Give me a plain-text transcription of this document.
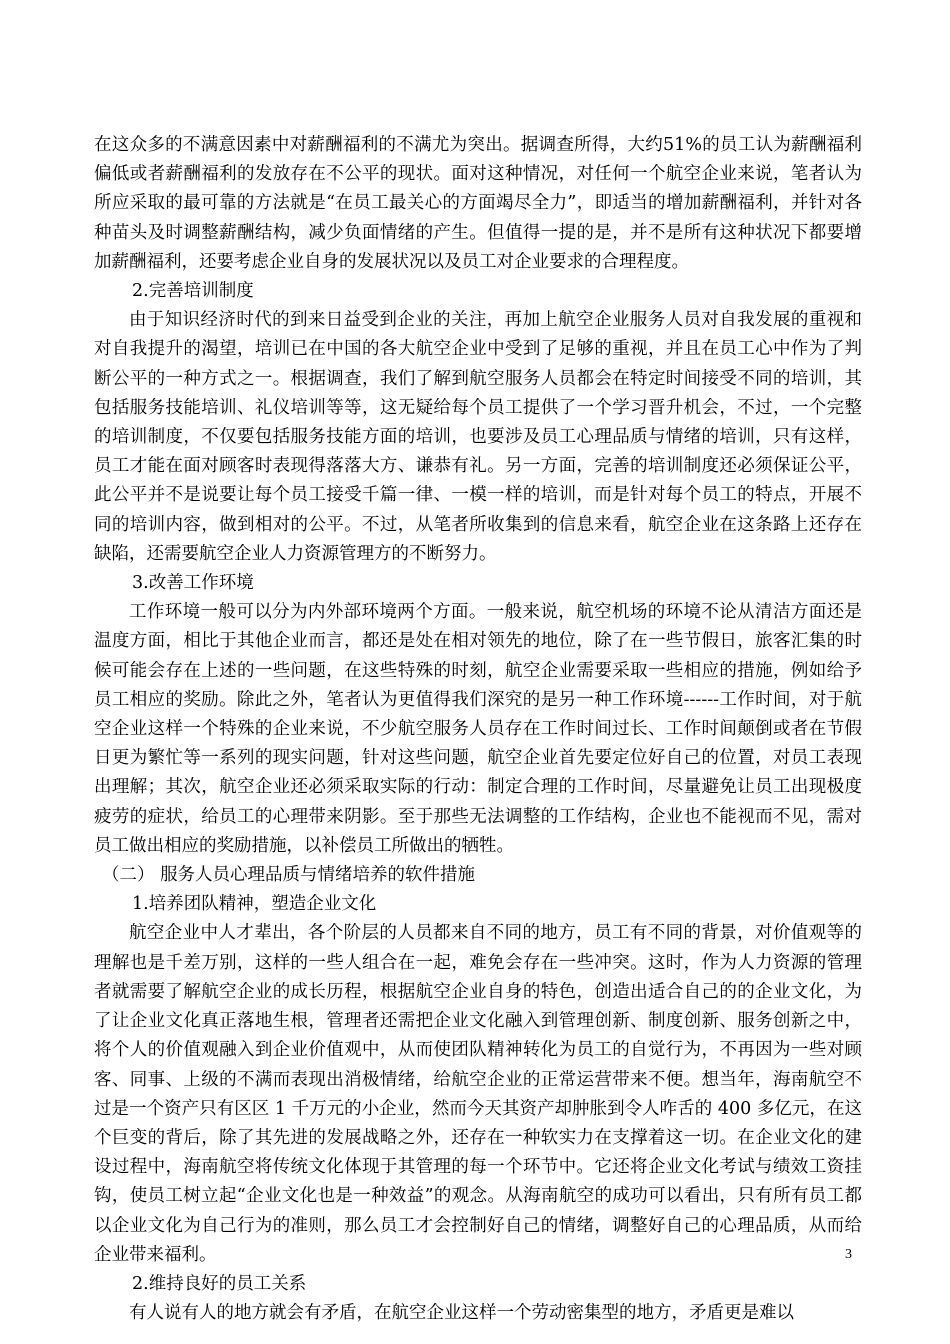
在这众多的不满意因素中对薪酬福利的不满尤为突出。据调查所得，大约51%的员工认为薪酬福利偏低或者薪酬福利的发放存在不公平的现状。面对这种情况，对任何一个航空企业来说，笔者认为所应采取的最可靠的方法就是“在员工最关心的方面竭尽全力”，即适当的增加薪酬福利，并针对各种苗头及时调整薪酬结构，减少负面情绪的产生。但值得一提的是，并不是所有这种状况下都要增加薪酬福利，还要考虑企业自身的发展状况以及员工对企业要求的合理程度。

2.完善培训制度

由于知识经济时代的到来日益受到企业的关注，再加上航空企业服务人员对自我发展的重视和对自我提升的渴望，培训已在中国的各大航空企业中受到了足够的重视，并且在员工心中作为了判断公平的一种方式之一。根据调查，我们了解到航空服务人员都会在特定时间接受不同的培训，其包括服务技能培训、礼仪培训等等，这无疑给每个员工提供了一个学习晋升机会，不过，一个完整的培训制度，不仅要包括服务技能方面的培训，也要涉及员工心理品质与情绪的培训，只有这样，员工才能在面对顾客时表现得落落大方、谦恭有礼。另一方面，完善的培训制度还必须保证公平，此公平并不是说要让每个员工接受千篇一律、一模一样的培训，而是针对每个员工的特点，开展不同的培训内容，做到相对的公平。不过，从笔者所收集到的信息来看，航空企业在这条路上还存在缺陷，还需要航空企业人力资源管理方的不断努力。

3.改善工作环境

工作环境一般可以分为内外部环境两个方面。一般来说，航空机场的环境不论从清洁方面还是温度方面，相比于其他企业而言，都还是处在相对领先的地位，除了在一些节假日，旅客汇集的时候可能会存在上述的一些问题，在这些特殊的时刻，航空企业需要采取一些相应的措施，例如给予员工相应的奖励。除此之外，笔者认为更值得我们深究的是另一种工作环境------工作时间，对于航空企业这样一个特殊的企业来说，不少航空服务人员存在工作时间过长、工作时间颠倒或者在节假日更为繁忙等一系列的现实问题，针对这些问题，航空企业首先要定位好自己的位置，对员工表现出理解；其次，航空企业还必须采取实际的行动：制定合理的工作时间，尽量避免让员工出现极度疲劳的症状，给员工的心理带来阴影。至于那些无法调整的工作结构，企业也不能视而不见，需对员工做出相应的奖励措施，以补偿员工所做出的牺牲。

（二） 服务人员心理品质与情绪培养的软件措施

1.培养团队精神，塑造企业文化

航空企业中人才辈出，各个阶层的人员都来自不同的地方，员工有不同的背景，对价值观等的理解也是千差万别，这样的一些人组合在一起，难免会存在一些冲突。这时，作为人力资源的管理者就需要了解航空企业的成长历程，根据航空企业自身的特色，创造出适合自己的的企业文化，为了让企业文化真正落地生根，管理者还需把企业文化融入到管理创新、制度创新、服务创新之中，将个人的价值观融入到企业价值观中，从而使团队精神转化为员工的自觉行为，不再因为一些对顾客、同事、上级的不满而表现出消极情绪，给航空企业的正常运营带来不便。想当年，海南航空不过是一个资产只有区区 1 千万元的小企业，然而今天其资产却肿胀到令人咋舌的 400 多亿元，在这个巨变的背后，除了其先进的发展战略之外，还存在一种软实力在支撑着这一切。在企业文化的建设过程中，海南航空将传统文化体现于其管理的每一个环节中。它还将企业文化考试与绩效工资挂钩，使员工树立起“企业文化也是一种效益”的观念。从海南航空的成功可以看出，只有所有员工都以企业文化为自己行为的准则，那么员工才会控制好自己的情绪，调整好自己的心理品质，从而给企业带来福利。

2.维持良好的员工关系

有人说有人的地方就会有矛盾，在航空企业这样一个劳动密集型的地方，矛盾更是难以

3
